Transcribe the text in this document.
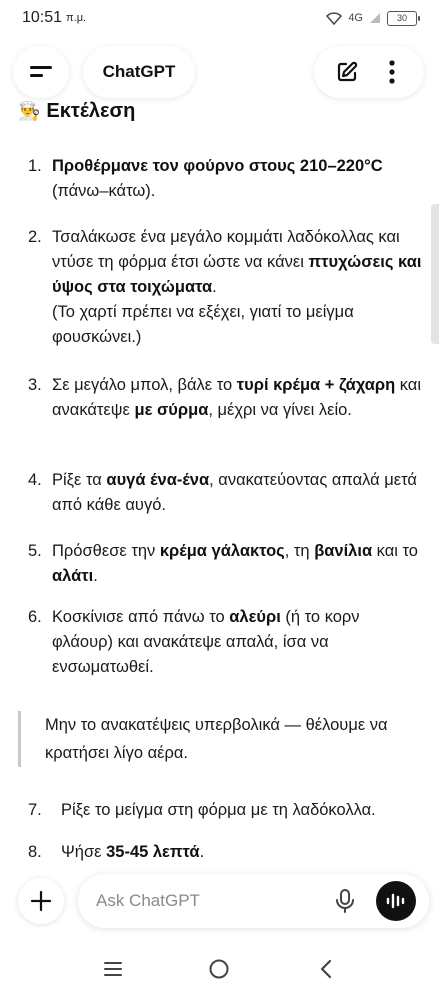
10:51 π.μ.	4G	30
ChatGPT
👨‍🍳 Εκτέλεση
1. Προθέρμανε τον φούρνο στους 210–220°C (πάνω–κάτω).
2. Τσαλάκωσε ένα μεγάλο κομμάτι λαδόκολλας και ντύσε τη φόρμα έτσι ώστε να κάνει πτυχώσεις και ύψος στα τοιχώματα.
(Το χαρτί πρέπει να εξέχει, γιατί το μείγμα φουσκώνει.)
3. Σε μεγάλο μπολ, βάλε το τυρί κρέμα + ζάχαρη και ανακάτεψε με σύρμα, μέχρι να γίνει λείο.
4. Ρίξε τα αυγά ένα-ένα, ανακατεύοντας απαλά μετά από κάθε αυγό.
5. Πρόσθεσε την κρέμα γάλακτος, τη βανίλια και το αλάτι.
6. Κοσκίνισε από πάνω το αλεύρι (ή το κορν φλάουρ) και ανακάτεψε απαλά, ίσα να ενσωματωθεί.
Μην το ανακατέψεις υπερβολικά — θέλουμε να κρατήσει λίγο αέρα.
7.	Ρίξε το μείγμα στη φόρμα με τη λαδόκολλα.
8.	Ψήσε 35-45 λεπτά.
Ask ChatGPT
